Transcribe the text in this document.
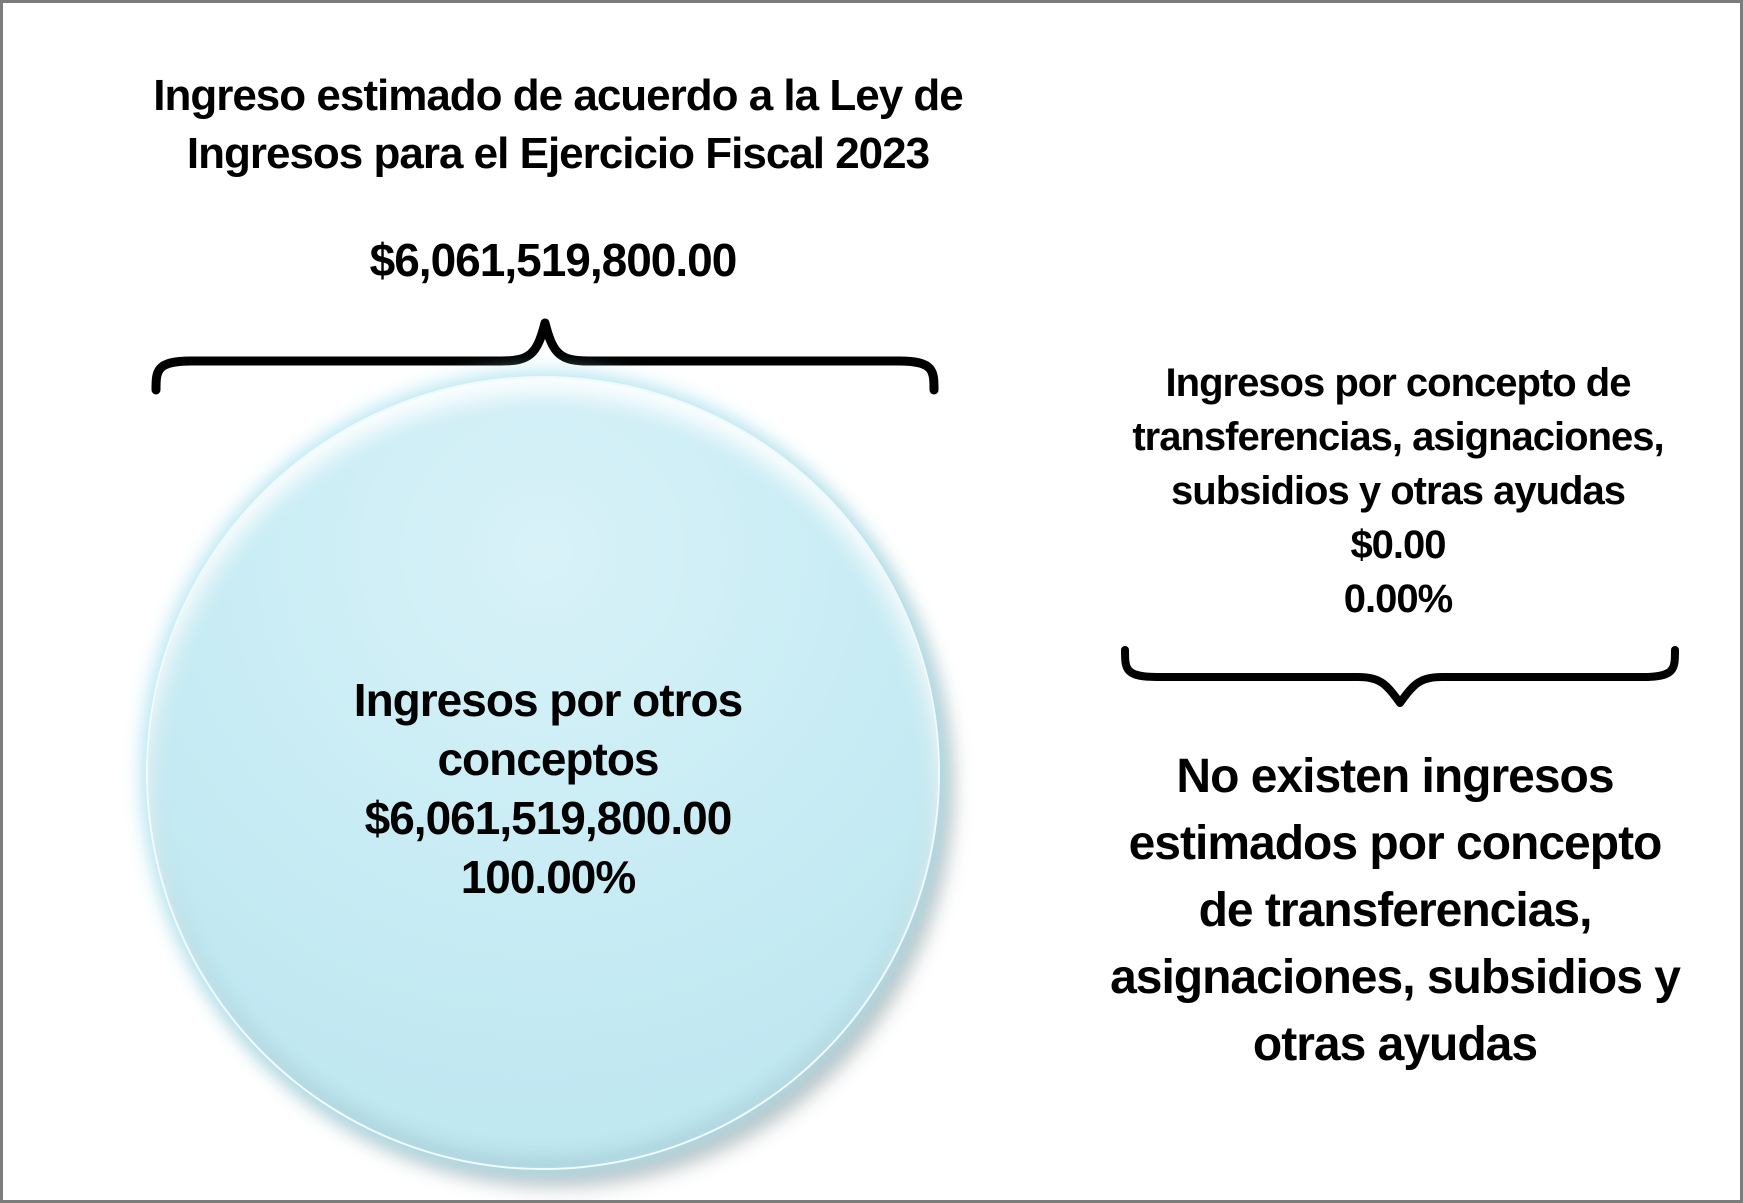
Ingreso estimado de acuerdo a la Ley de
Ingresos para el Ejercicio Fiscal 2023
$6,061,519,800.00
Ingresos por otros
conceptos
$6,061,519,800.00
100.00%
Ingresos por concepto de
transferencias, asignaciones,
subsidios y otras ayudas
$0.00
0.00%
No existen ingresos
estimados por concepto
de transferencias,
asignaciones, subsidios y
otras ayudas
